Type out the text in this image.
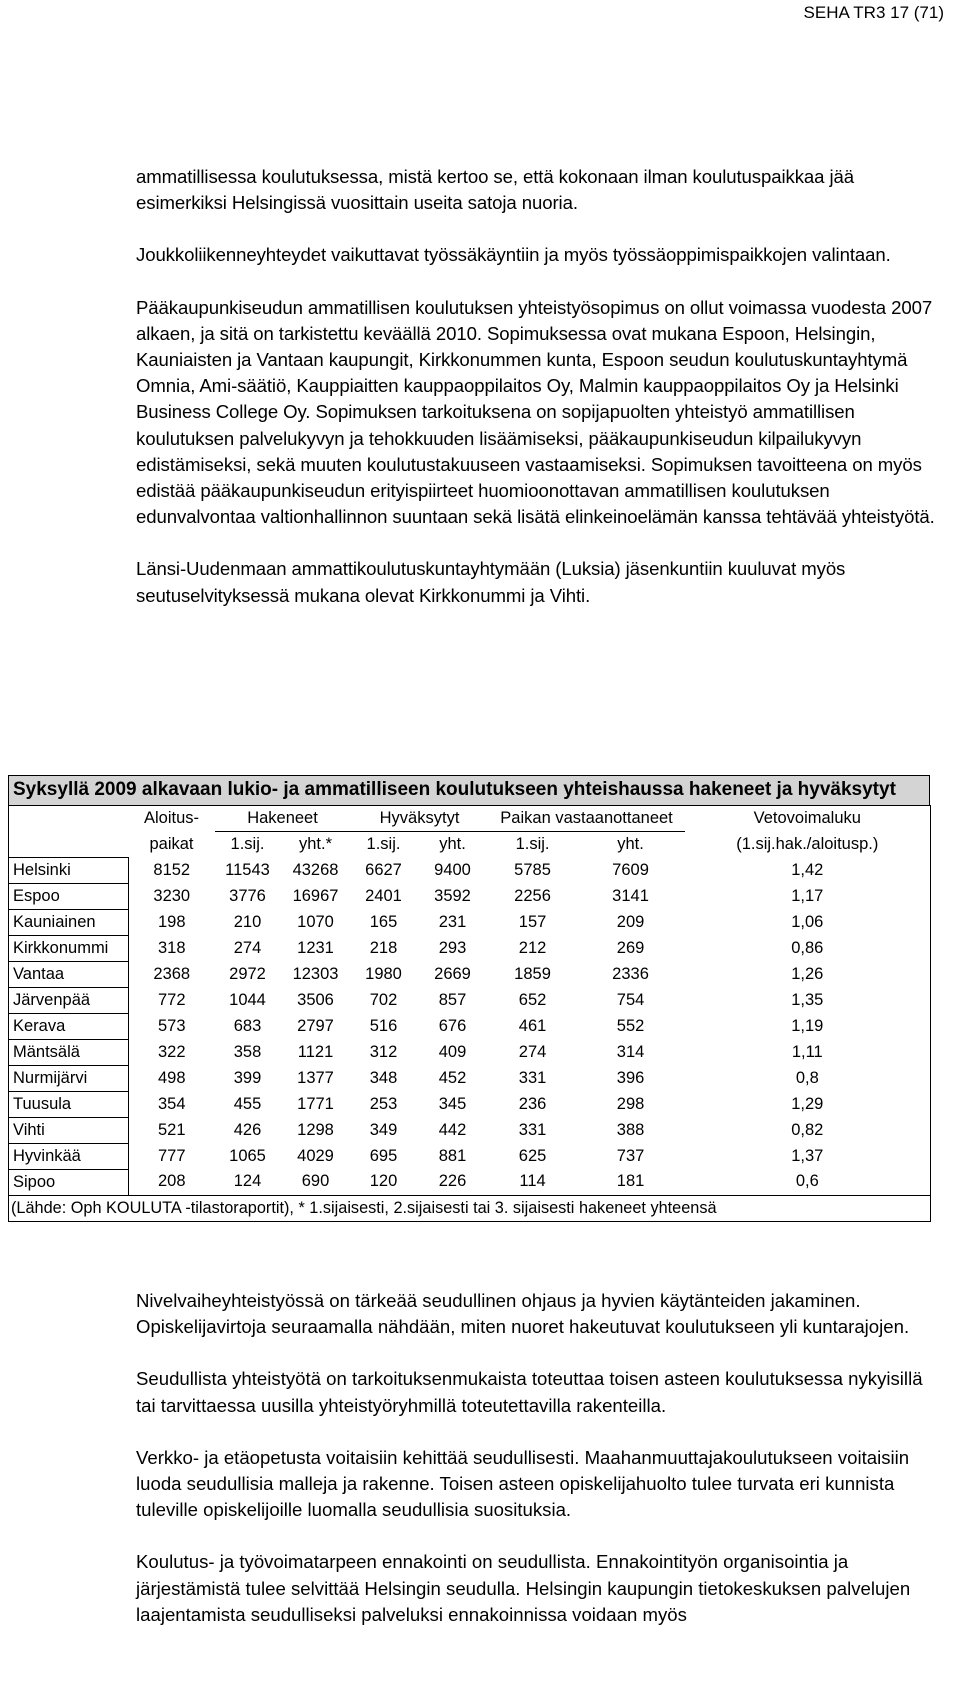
SEHA TR3 17 (71)

ammatillisessa koulutuksessa, mistä kertoo se, että kokonaan ilman koulutuspaikkaa jää esimerkiksi Helsingissä vuosittain useita satoja nuoria.

Joukkoliikenneyhteydet vaikuttavat työssäkäyntiin ja myös työssäoppimispaikkojen valintaan.

Pääkaupunkiseudun ammatillisen koulutuksen yhteistyösopimus on ollut voimassa vuodesta 2007 alkaen, ja sitä on tarkistettu keväällä 2010. Sopimuksessa ovat mukana Espoon, Helsingin, Kauniaisten ja Vantaan kaupungit, Kirkkonummen kunta, Espoon seudun koulutuskuntayhtymä Omnia, Ami-säätiö, Kauppiaitten kauppaoppilaitos Oy, Malmin kauppaoppilaitos Oy ja Helsinki Business College Oy. Sopimuksen tarkoituksena on sopijapuolten yhteistyö ammatillisen koulutuksen palvelukyvyn ja tehokkuuden lisäämiseksi, pääkaupunkiseudun kilpailukyvyn edistämiseksi, sekä muuten koulutustakuuseen vastaamiseksi. Sopimuksen tavoitteena on myös edistää pääkaupunkiseudun erityispiirteet huomioonottavan ammatillisen koulutuksen edunvalvontaa valtionhallinnon suuntaan sekä lisätä elinkeinoelämän kanssa tehtävää yhteistyötä.

Länsi-Uudenmaan ammattikoulutuskuntayhtymään (Luksia) jäsenkuntiin kuuluvat myös seutuselvityksessä mukana olevat Kirkkonummi ja Vihti.

Syksyllä 2009 alkavaan lukio- ja ammatilliseen koulutukseen yhteishaussa hakeneet ja hyväksytyt
	Aloitus-	Hakeneet		Hyväksytyt		Paikan vastaanottaneet		Vetovoimaluku
	paikat	1.sij.	yht.*	1.sij.	yht.	1.sij.	yht.	(1.sij.hak./aloitusp.)
Helsinki	8152	11543	43268	6627	9400	5785	7609	1,42
Espoo	3230	3776	16967	2401	3592	2256	3141	1,17
Kauniainen	198	210	1070	165	231	157	209	1,06
Kirkkonummi	318	274	1231	218	293	212	269	0,86
Vantaa	2368	2972	12303	1980	2669	1859	2336	1,26
Järvenpää	772	1044	3506	702	857	652	754	1,35
Kerava	573	683	2797	516	676	461	552	1,19
Mäntsälä	322	358	1121	312	409	274	314	1,11
Nurmijärvi	498	399	1377	348	452	331	396	0,8
Tuusula	354	455	1771	253	345	236	298	1,29
Vihti	521	426	1298	349	442	331	388	0,82
Hyvinkää	777	1065	4029	695	881	625	737	1,37
Sipoo	208	124	690	120	226	114	181	0,6
(Lähde: Oph KOULUTA -tilastoraportit), * 1.sijaisesti, 2.sijaisesti tai 3. sijaisesti hakeneet yhteensä								

Nivelvaiheyhteistyössä on tärkeää seudullinen ohjaus ja hyvien käytänteiden jakaminen. Opiskelijavirtoja seuraamalla nähdään, miten nuoret hakeutuvat koulutukseen yli kuntarajojen.

Seudullista yhteistyötä on tarkoituksenmukaista toteuttaa toisen asteen koulutuksessa nykyisillä tai tarvittaessa uusilla yhteistyöryhmillä toteutettavilla rakenteilla.

Verkko- ja etäopetusta voitaisiin kehittää seudullisesti. Maahanmuuttajakoulutukseen voitaisiin luoda seudullisia malleja ja rakenne. Toisen asteen opiskelijahuolto tulee turvata eri kunnista tuleville opiskelijoille luomalla seudullisia suosituksia.

Koulutus- ja työvoimatarpeen ennakointi on seudullista. Ennakointityön organisointia ja järjestämistä tulee selvittää Helsingin seudulla. Helsingin kaupungin tietokeskuksen palvelujen laajentamista seudulliseksi palveluksi ennakoinnissa voidaan myös
